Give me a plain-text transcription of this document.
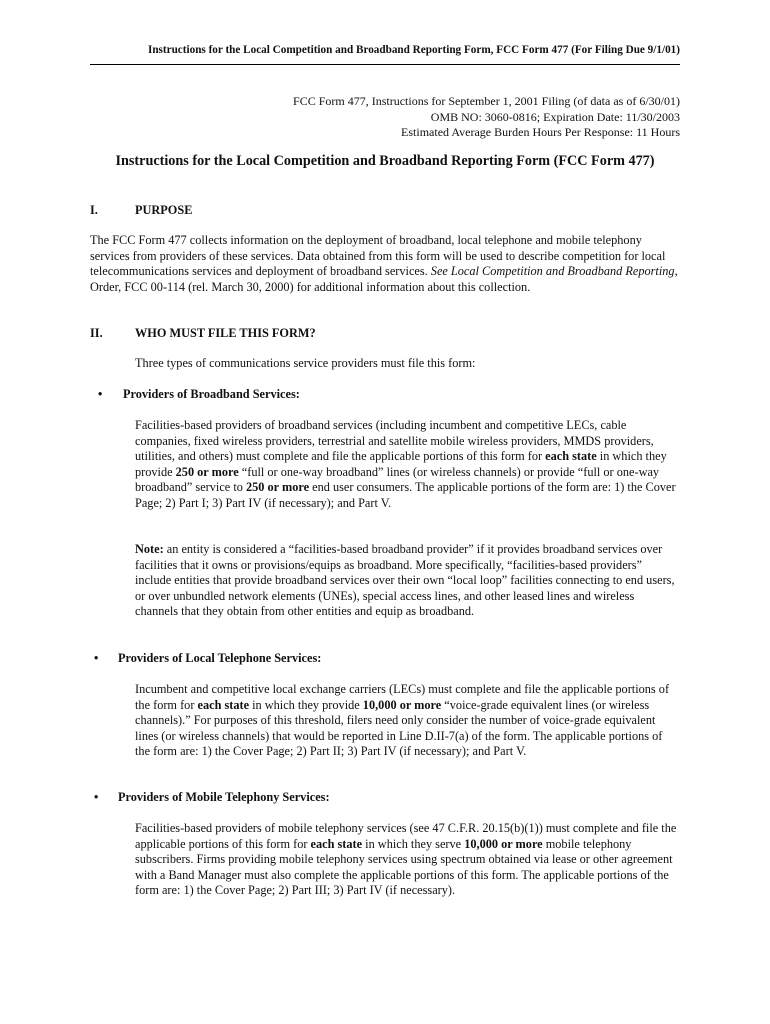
Instructions for the Local Competition and Broadband Reporting Form, FCC Form 477 (For Filing Due 9/1/01)
FCC Form 477, Instructions for September 1, 2001 Filing (of data as of 6/30/01)
OMB NO: 3060-0816; Expiration Date: 11/30/2003
Estimated Average Burden Hours Per Response: 11 Hours
Instructions for the Local Competition and Broadband Reporting Form (FCC Form 477)
I.	PURPOSE

The FCC Form 477 collects information on the deployment of broadband, local telephone and mobile telephony services from providers of these services. Data obtained from this form will be used to describe competition for local telecommunications services and deployment of broadband services. See Local Competition and Broadband Reporting, Order, FCC 00-114 (rel. March 30, 2000) for additional information about this collection.

II.	WHO MUST FILE THIS FORM?

Three types of communications service providers must file this form:

• Providers of Broadband Services:

Facilities-based providers of broadband services (including incumbent and competitive LECs, cable companies, fixed wireless providers, terrestrial and satellite mobile wireless providers, MMDS providers, utilities, and others) must complete and file the applicable portions of this form for each state in which they provide 250 or more “full or one-way broadband” lines (or wireless channels) or provide “full or one-way broadband” service to 250 or more end user consumers. The applicable portions of the form are: 1) the Cover Page; 2) Part I; 3) Part IV (if necessary); and Part V.

Note: an entity is considered a “facilities-based broadband provider” if it provides broadband services over facilities that it owns or provisions/equips as broadband. More specifically, “facilities-based providers” include entities that provide broadband services over their own “local loop” facilities connecting to end users, or over unbundled network elements (UNEs), special access lines, and other leased lines and wireless channels that they obtain from other entities and equip as broadband.

• Providers of Local Telephone Services:

Incumbent and competitive local exchange carriers (LECs) must complete and file the applicable portions of the form for each state in which they provide 10,000 or more “voice-grade equivalent lines (or wireless channels).” For purposes of this threshold, filers need only consider the number of voice-grade equivalent lines (or wireless channels) that would be reported in Line D.II-7(a) of the form. The applicable portions of the form are: 1) the Cover Page; 2) Part II; 3) Part IV (if necessary); and Part V.

• Providers of Mobile Telephony Services:

Facilities-based providers of mobile telephony services (see 47 C.F.R. 20.15(b)(1)) must complete and file the applicable portions of this form for each state in which they serve 10,000 or more mobile telephony subscribers. Firms providing mobile telephony services using spectrum obtained via lease or other agreement with a Band Manager must also complete the applicable portions of this form. The applicable portions of the form are: 1) the Cover Page; 2) Part III; 3) Part IV (if necessary).
